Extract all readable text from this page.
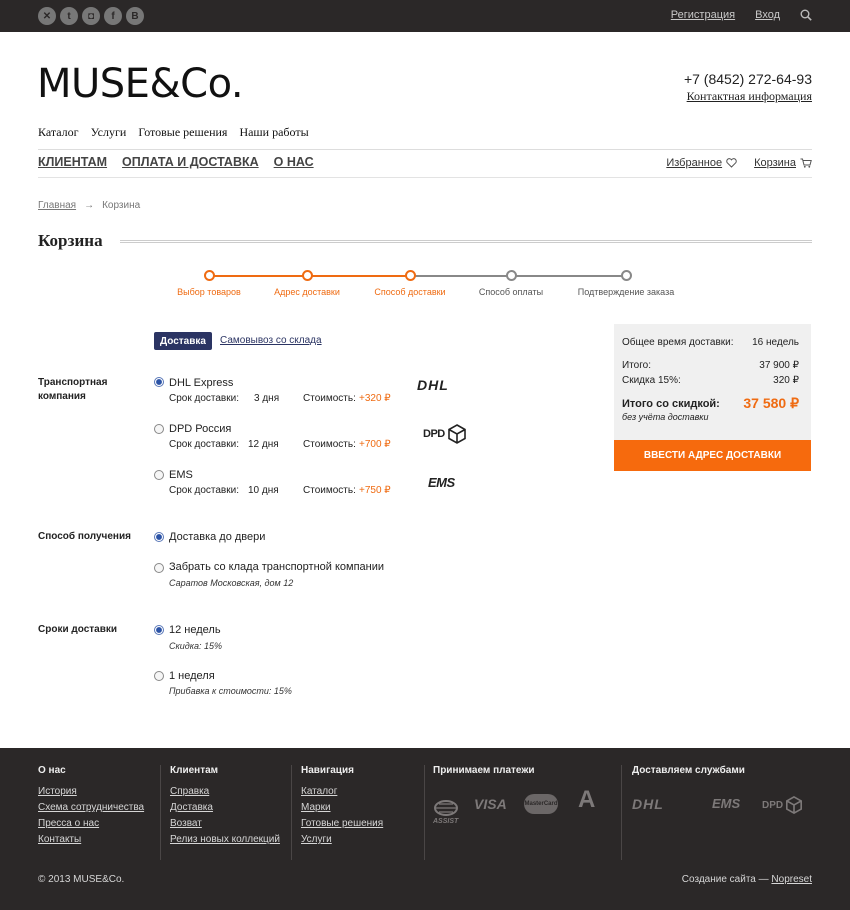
✕	t	◘	f	B	Регистрация Вход
MUSE&Co.	+7 (8452) 272-64-93
Контактная информация
Каталог Услуги Готовые решения Наши работы
КЛИЕНТАМ ОПЛАТА И ДОСТАВКА О НАС	Избранное	Корзина
Главная → Корзина
Корзина
Выбор товаров	Адрес доставки	Способ доставки	Способ оплаты	Подтверждение заказа
Доставка	Самовывоз со склада
Транспортная компания
DHL Express
Срок доставки: 3 дня Стоимость: +320 ₽
DHL
DPD Россия
Срок доставки: 12 дня Стоимость: +700 ₽
DPD
EMS
Срок доставки: 10 дня Стоимость: +750 ₽
EMS
Способ получения	Доставка до двери
Забрать со клада транспортной компании
Саратов Московская, дом 12
Сроки доставки	12 недель
Скидка: 15%
1 неделя
Прибавка к стоимости: 15%
Общее время доставки: 16 недель
Итого:	37 900 ₽
Скидка 15%:	320 ₽
Итого со скидкой: 37 580 ₽
без учёта доставки
ВВЕСТИ АДРЕС ДОСТАВКИ
О нас
История
Схема сотрудничества
Пресса о нас
Контакты
Клиентам
Справка
Доставка
Возват
Релиз новых коллекций
Навигация
Каталог
Марки
Готовые решения
Услуги
Принимаем платежи
ASSIST
VISA	MasterCard A
Доставляем службами
DHL	EMS DPD
© 2013 MUSE&Co.	Создание сайта — Nopreset
